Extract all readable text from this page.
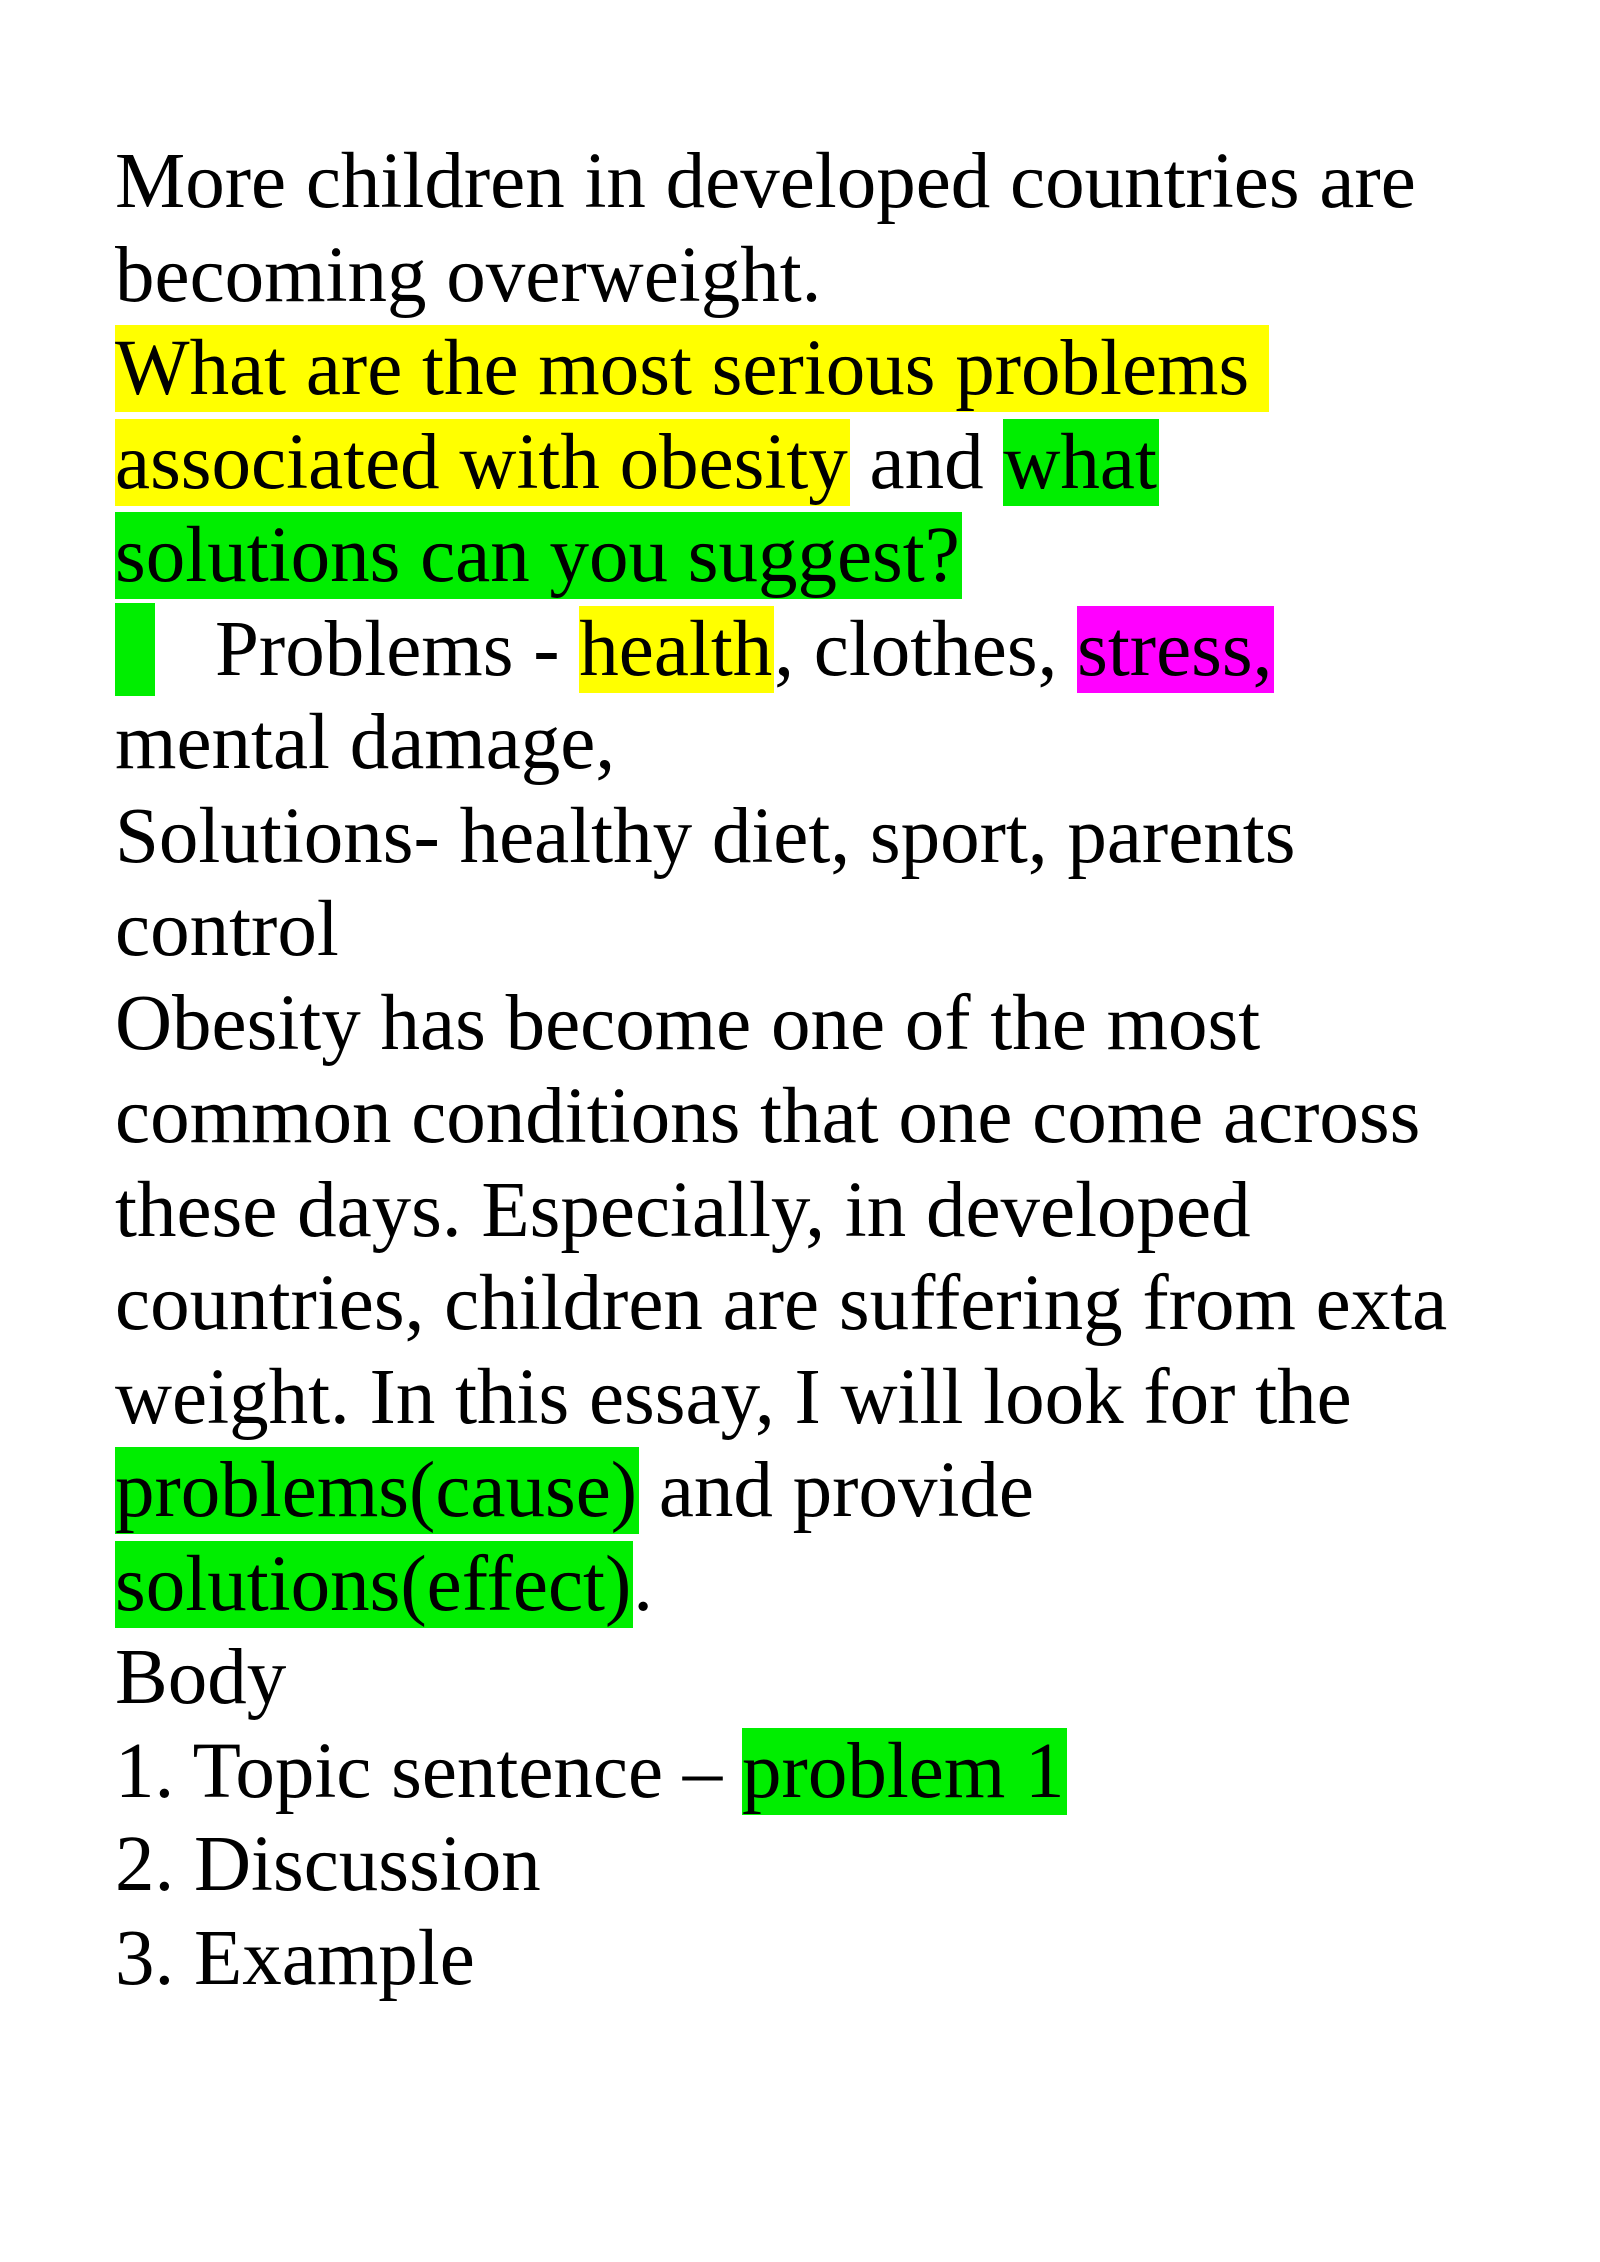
More children in developed countries are
becoming overweight.
What are the most serious problems
associated with obesity and what
solutions can you suggest?
Problems - health, clothes, stress,
mental damage,
Solutions- healthy diet, sport, parents
control
Obesity has become one of the most
common conditions that one come across
these days. Especially, in developed
countries, children are suffering from exta
weight. In this essay, I will look for the
problems(cause) and provide
solutions(effect).
Body
1. Topic sentence – problem 1
2. Discussion
3. Example
